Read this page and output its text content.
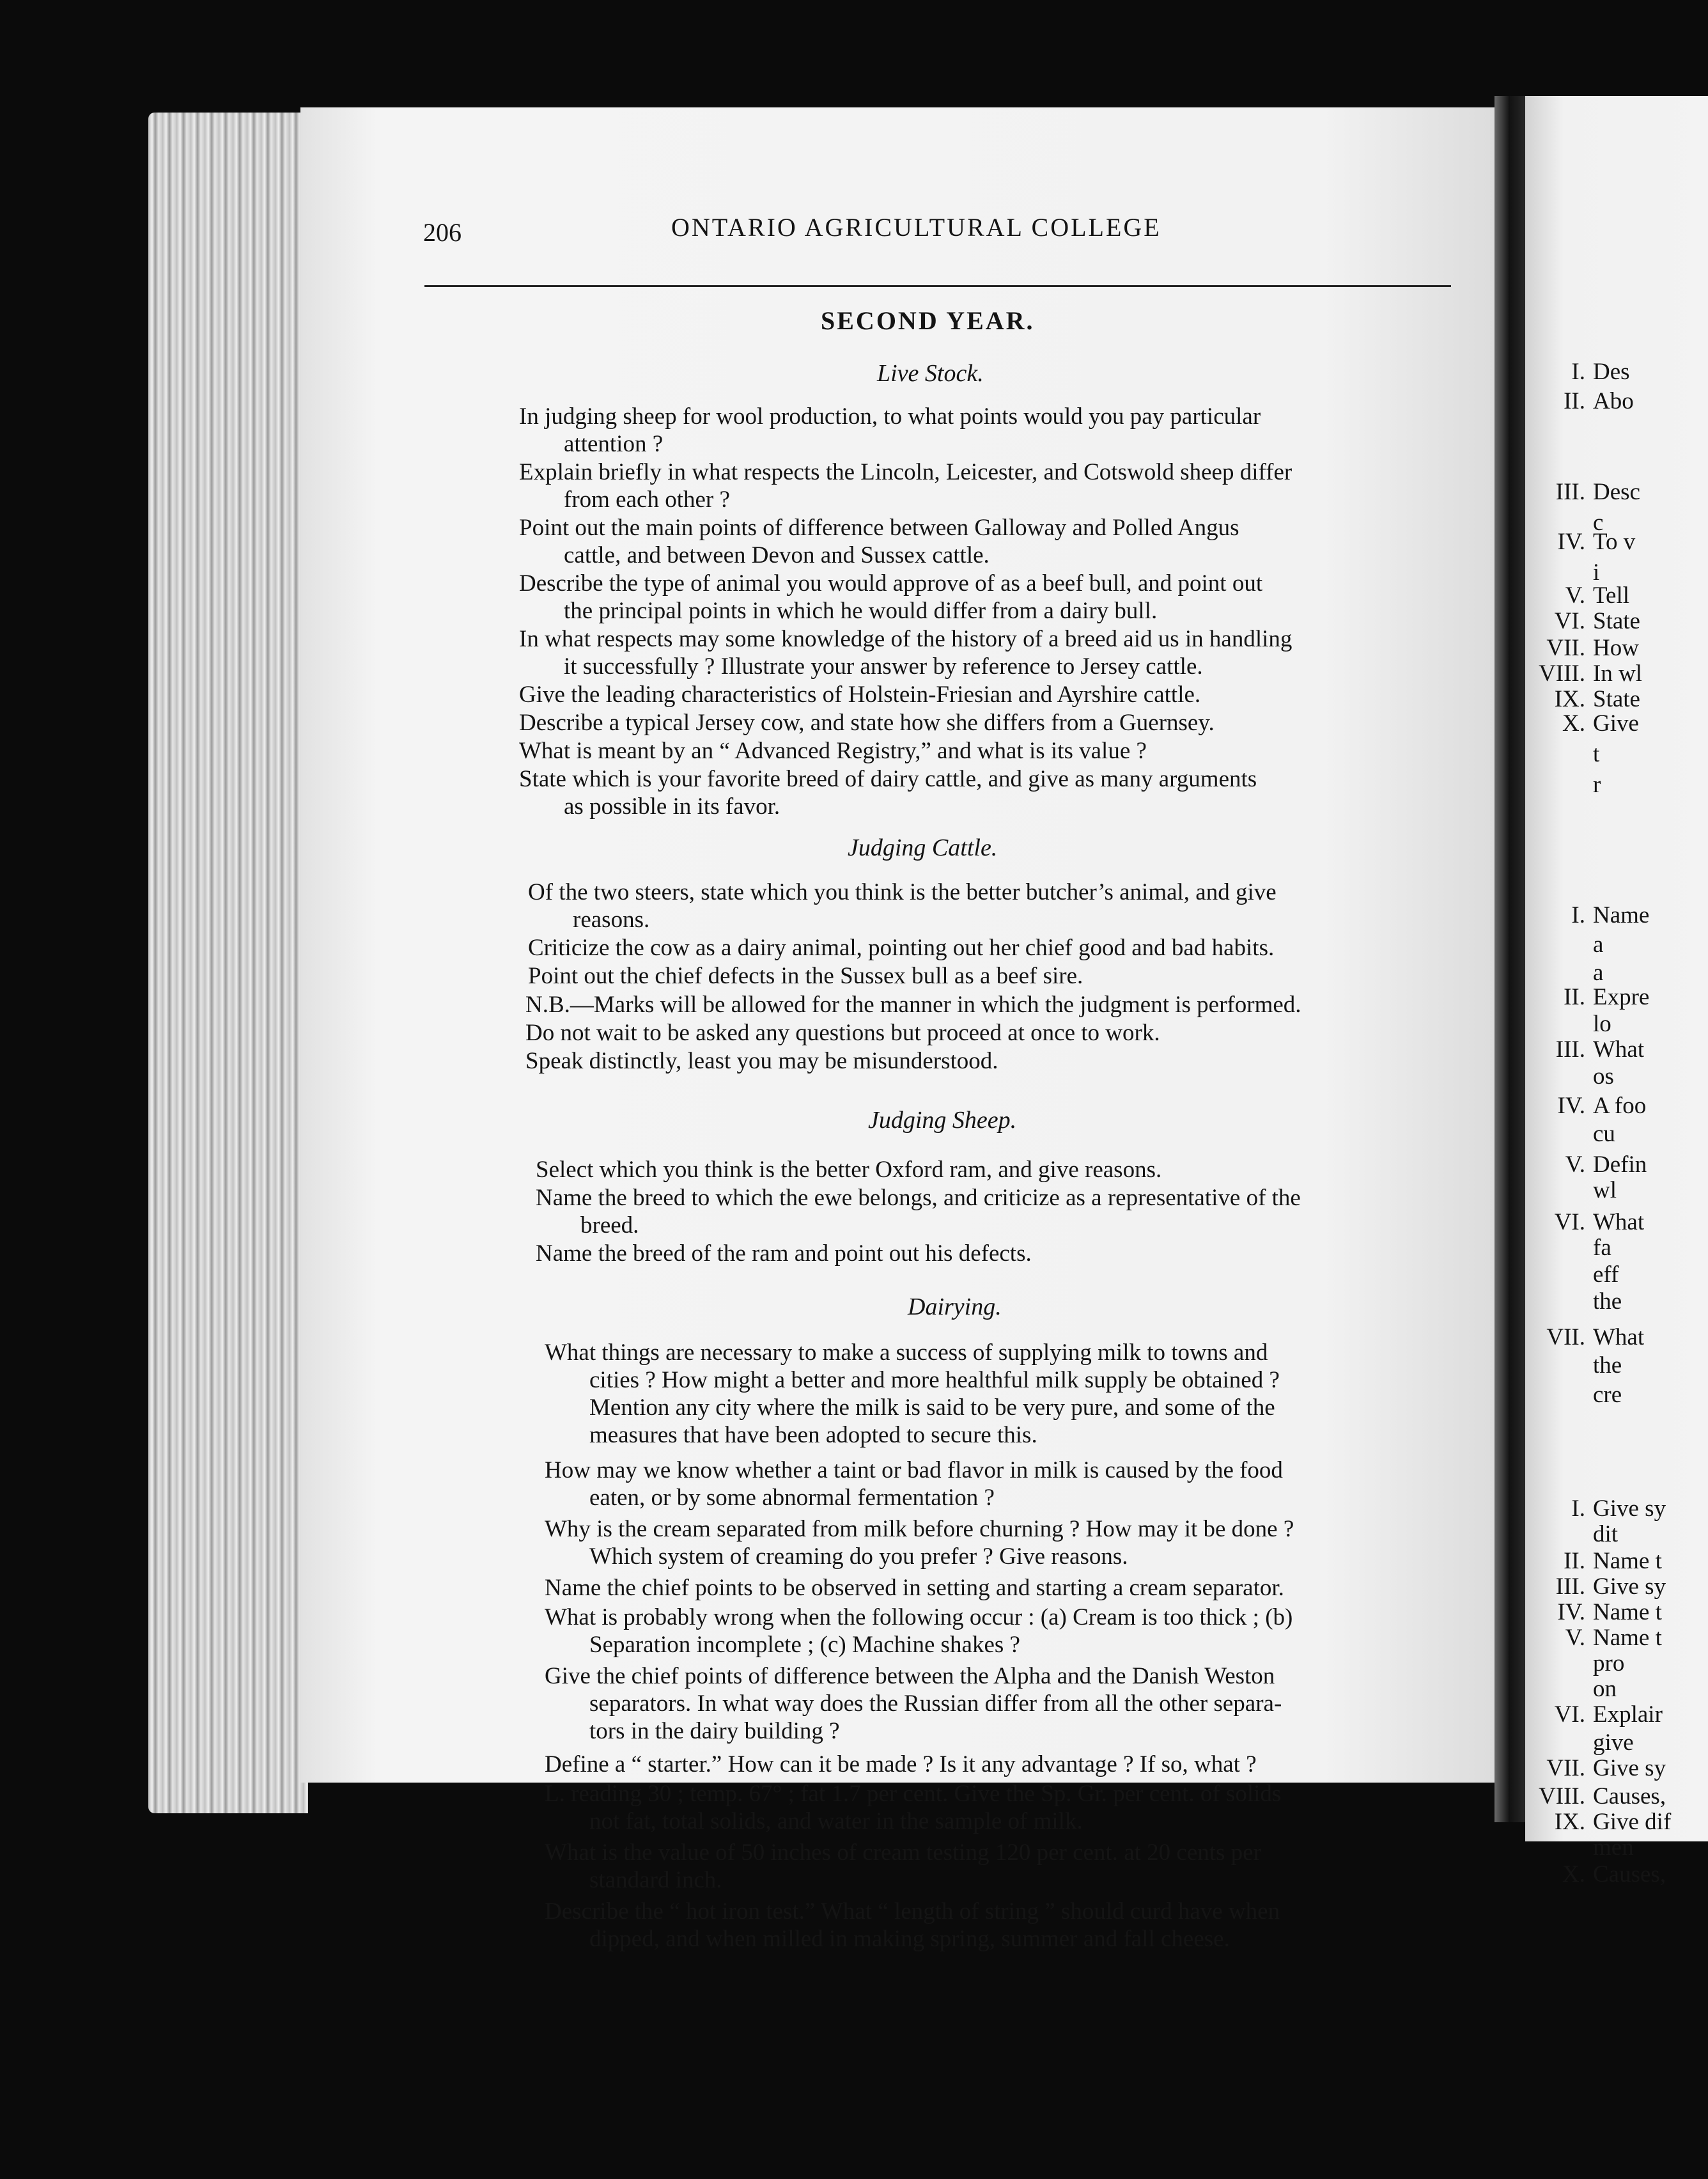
I. Des
II. Abo
III. Desc
c
IV. To v
i
V. Tell
VI. State
VII. How
VIII. In wl
IX. State
X. Give
t
r
I. Name
a
a
II. Expre
lo
III. What
os
IV. A foo
cu
V. Defin
wl
VI. What
fa
eff
the
VII. What
the
cre
I. Give sy
dit
II. Name t
III. Give sy
IV. Name t
V. Name t
pro
on
VI. Explair
give
VII. Give sy
VIII. Causes,
IX. Give dif
men
X. Causes,
206	ONTARIO AGRICULTURAL COLLEGE
SECOND YEAR.
Live Stock.
Judging Cattle.
N.B.—Marks will be allowed for the manner in which the judgment is performed.
Do not wait to be asked any questions but proceed at once to work.
Speak distinctly, least you may be misunderstood.
Judging Sheep.
Dairying.
In judging sheep for wool production, to what points would you pay particular
attention ?
Explain briefly in what respects the Lincoln, Leicester, and Cotswold sheep differ
from each other ?
Point out the main points of difference between Galloway and Polled Angus
cattle, and between Devon and Sussex cattle.
Describe the type of animal you would approve of as a beef bull, and point out
the principal points in which he would differ from a dairy bull.
In what respects may some knowledge of the history of a breed aid us in handling
it successfully ? Illustrate your answer by reference to Jersey cattle.
Give the leading characteristics of Holstein-Friesian and Ayrshire cattle.
Describe a typical Jersey cow, and state how she differs from a Guernsey.
What is meant by an “ Advanced Registry,” and what is its value ?
State which is your favorite breed of dairy cattle, and give as many arguments
as possible in its favor.
Of the two steers, state which you think is the better butcher’s animal, and give
reasons.
Criticize the cow as a dairy animal, pointing out her chief good and bad habits.
Point out the chief defects in the Sussex bull as a beef sire.
Select which you think is the better Oxford ram, and give reasons.
Name the breed to which the ewe belongs, and criticize as a representative of the
breed.
Name the breed of the ram and point out his defects.
What things are necessary to make a success of supplying milk to towns and
cities ? How might a better and more healthful milk supply be obtained ?
Mention any city where the milk is said to be very pure, and some of the
measures that have been adopted to secure this.
How may we know whether a taint or bad flavor in milk is caused by the food
eaten, or by some abnormal fermentation ?
Why is the cream separated from milk before churning ? How may it be done ?
Which system of creaming do you prefer ? Give reasons.
Name the chief points to be observed in setting and starting a cream separator.
What is probably wrong when the following occur : (a) Cream is too thick ; (b)
Separation incomplete ; (c) Machine shakes ?
Give the chief points of difference between the Alpha and the Danish Weston
separators. In what way does the Russian differ from all the other separa-
tors in the dairy building ?
Define a “ starter.” How can it be made ? Is it any advantage ? If so, what ?
L. reading 30 ; temp. 67° ; fat 1.7 per cent. Give the Sp. Gr. per cent. of solids
not fat, total solids, and water in the sample of milk.
What is the value of 50 inches of cream testing 120 per cent. at 20 cents per
standard inch.
Describe the “ hot iron test.” What “ length of string ” should curd have when
dipped, and when milled in making spring, summer and fall cheese.
